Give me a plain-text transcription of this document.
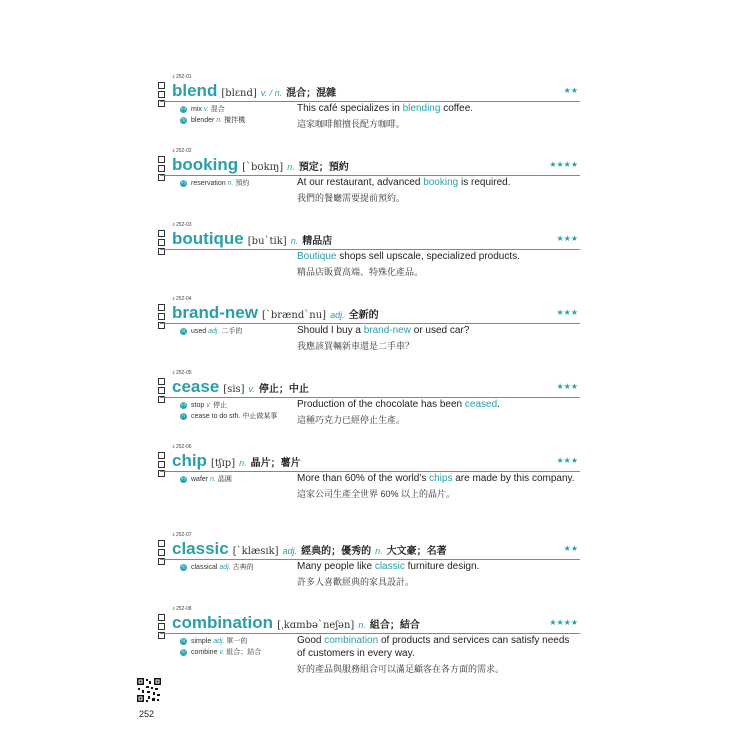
♪252-01
blend [blɛnd] v. / n. 混合；混雜	★★
同 mix v. 混合
衍 blender n. 攪拌機
This café specializes in blending coffee.
這家咖啡館擅長配方咖啡。
♪252-02
booking [ˋbʊkɪŋ] n. 預定；預約	★★★★
同 reservation n. 預約	At our restaurant, advanced booking is required.
我們的餐廳需要提前預約。
♪252-03
boutique [buˋtik] n. 精品店	★★★
Boutique shops sell upscale, specialized products.
精品店販賣高端、特殊化產品。
♪252-04
brand-new [ˋbrændˋnu] adj. 全新的	★★★
反 used adj. 二手的	Should I buy a brand-new or used car?
我應該買輛新車還是二手車？
♪252-05
cease [sis] v. 停止；中止	★★★
同 stop v. 停止
片 cease to do sth. 中止做某事
Production of the chocolate has been ceased.
這種巧克力已經停止生產。
♪252-06
chip [tʃɪp] n. 晶片；薯片	★★★
同 wafer n. 晶圓	More than 60% of the world’s chips are made by this company.
這家公司生產全世界 60% 以上的晶片。
♪252-07
classic [ˋklæsɪk] adj. 經典的；優秀的 n. 大文豪；名著	★★
衍 classical adj. 古典的	Many people like classic furniture design.
許多人喜歡經典的家具設計。
♪252-08
combination [ˌkɑmbəˋneʃən] n. 組合；結合	★★★★
反 simple adj. 單一的
衍 combine v. 組合；結合
Good combination of products and services can satisfy needs of customers in every way.
好的產品與服務組合可以滿足顧客在各方面的需求。
252
